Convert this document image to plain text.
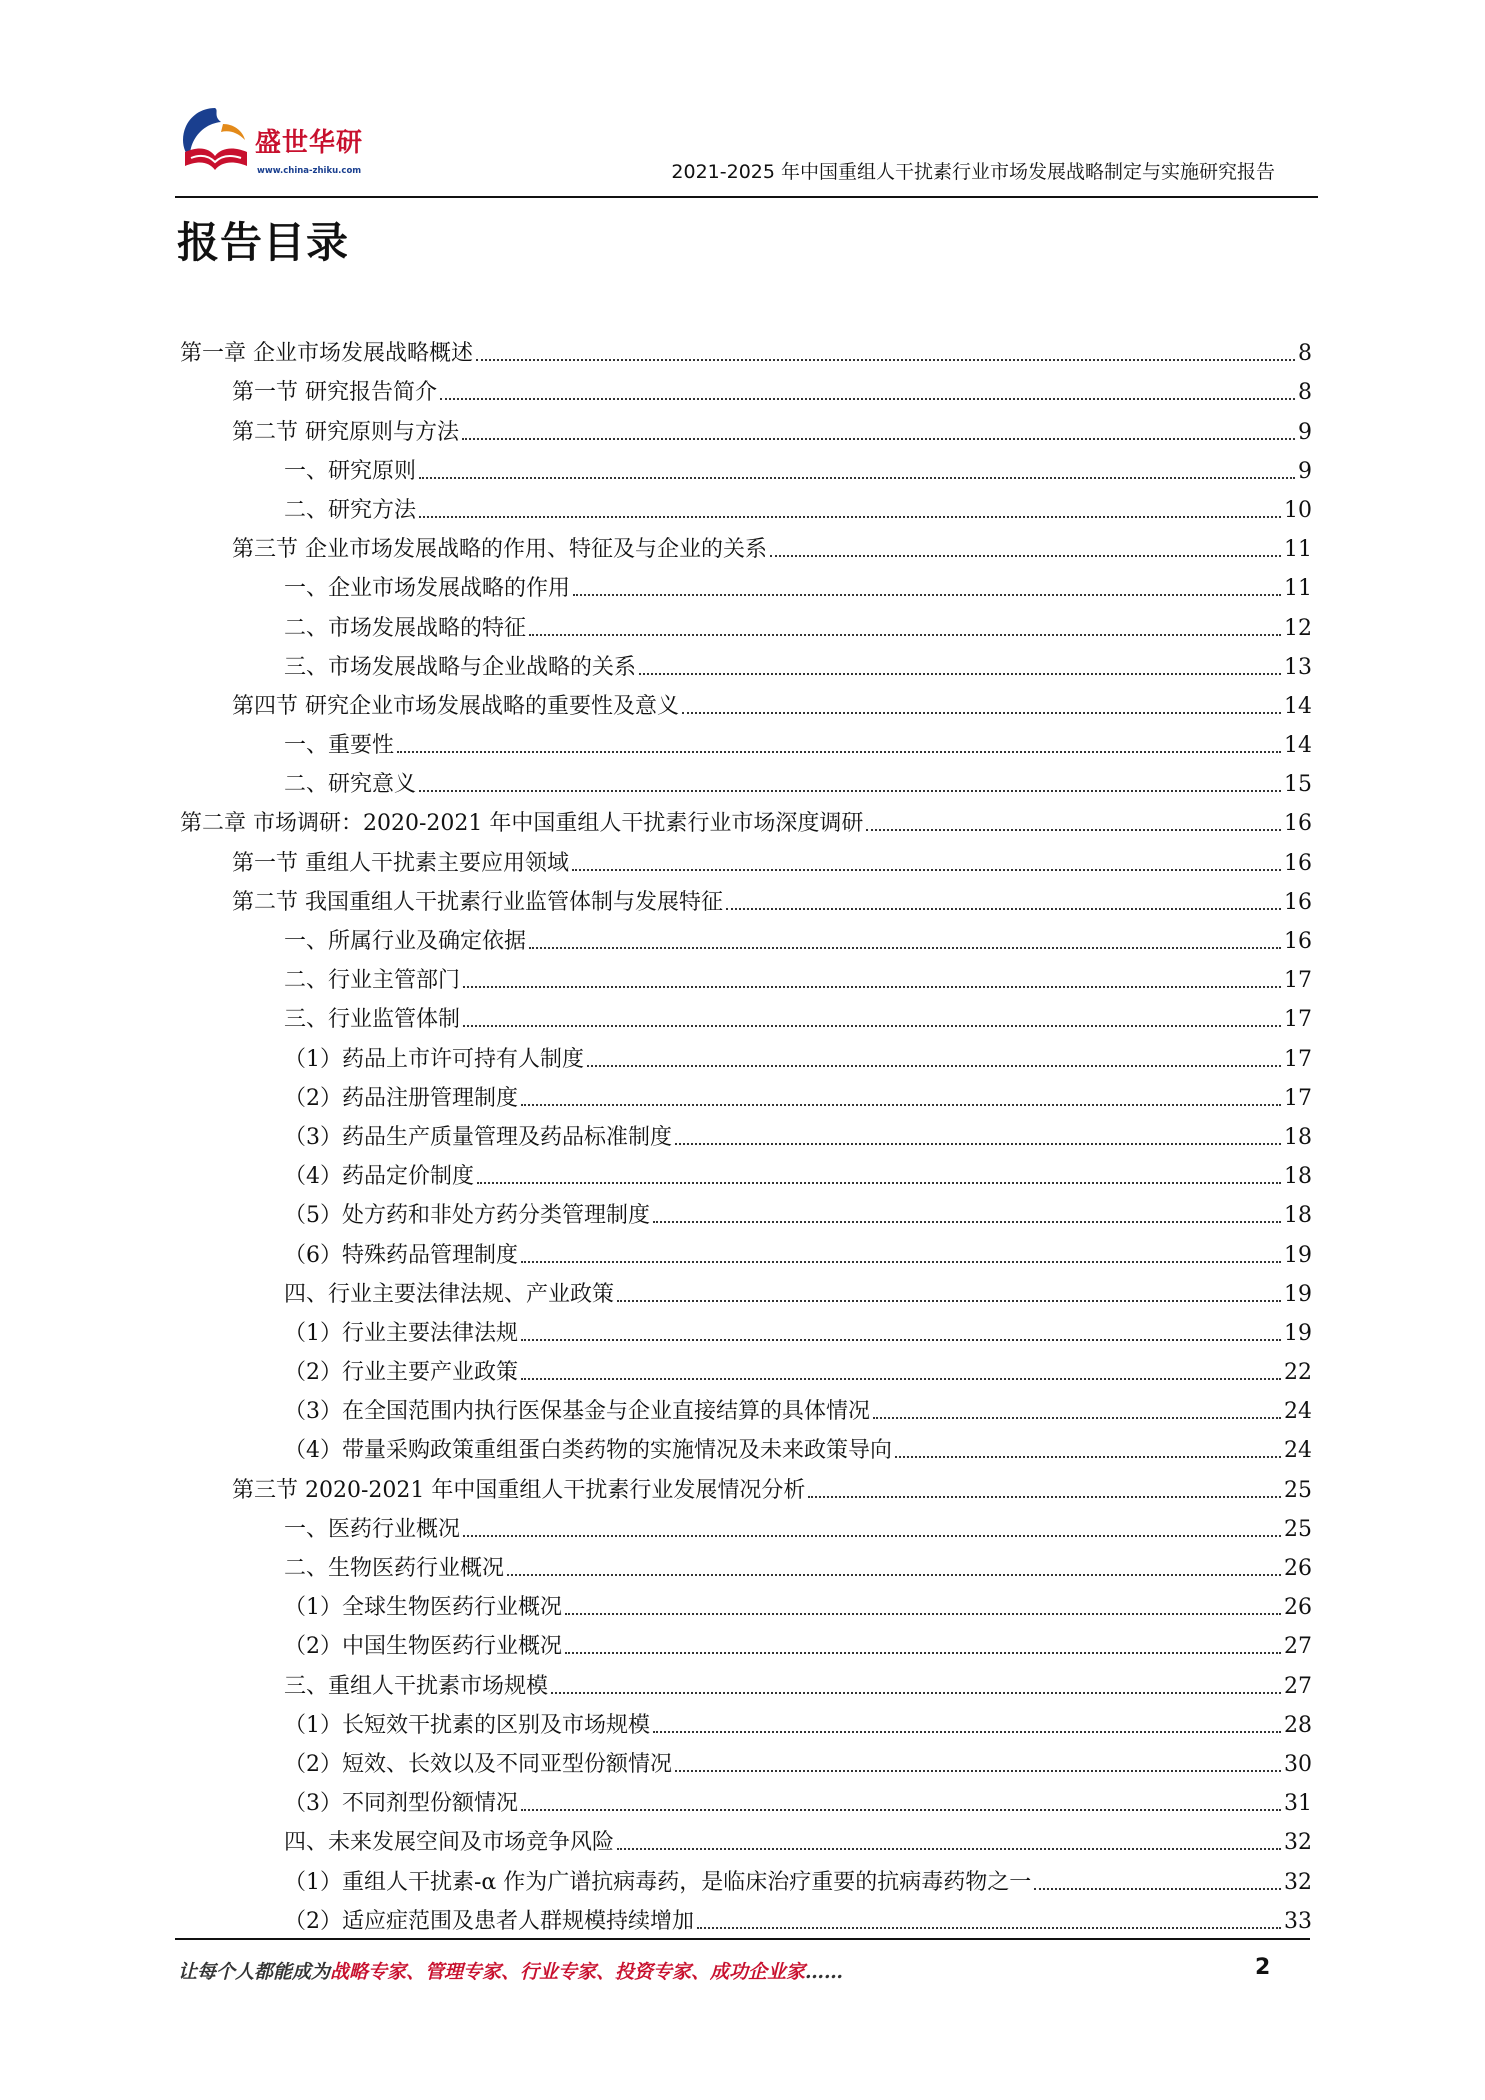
盛世华研
www.china-zhiku.com	2021-2025 年中国重组人干扰素行业市场发展战略制定与实施研究报告
报告目录
第一章 企业市场发展战略概述	8
第一节 研究报告简介	8
第二节 研究原则与方法	9
一、研究原则	9
二、研究方法	10
第三节 企业市场发展战略的作用、特征及与企业的关系	11
一、企业市场发展战略的作用	11
二、市场发展战略的特征	12
三、市场发展战略与企业战略的关系	13
第四节 研究企业市场发展战略的重要性及意义	14
一、重要性	14
二、研究意义	15
第二章 市场调研：2020-2021 年中国重组人干扰素行业市场深度调研	16
第一节 重组人干扰素主要应用领域	16
第二节 我国重组人干扰素行业监管体制与发展特征	16
一、所属行业及确定依据	16
二、行业主管部门	17
三、行业监管体制	17
（1）药品上市许可持有人制度	17
（2）药品注册管理制度	17
（3）药品生产质量管理及药品标准制度	18
（4）药品定价制度	18
（5）处方药和非处方药分类管理制度	18
（6）特殊药品管理制度	19
四、行业主要法律法规、产业政策	19
（1）行业主要法律法规	19
（2）行业主要产业政策	22
（3）在全国范围内执行医保基金与企业直接结算的具体情况	24
（4）带量采购政策重组蛋白类药物的实施情况及未来政策导向	24
第三节 2020-2021 年中国重组人干扰素行业发展情况分析	25
一、医药行业概况	25
二、生物医药行业概况	26
（1）全球生物医药行业概况	26
（2）中国生物医药行业概况	27
三、重组人干扰素市场规模	27
（1）长短效干扰素的区别及市场规模	28
（2）短效、长效以及不同亚型份额情况	30
（3）不同剂型份额情况	31
四、未来发展空间及市场竞争风险	32
（1）重组人干扰素-α 作为广谱抗病毒药，是临床治疗重要的抗病毒药物之一	32
（2）适应症范围及患者人群规模持续增加	33
让每个人都能成为战略专家、管理专家、行业专家、投资专家、成功企业家……	2
